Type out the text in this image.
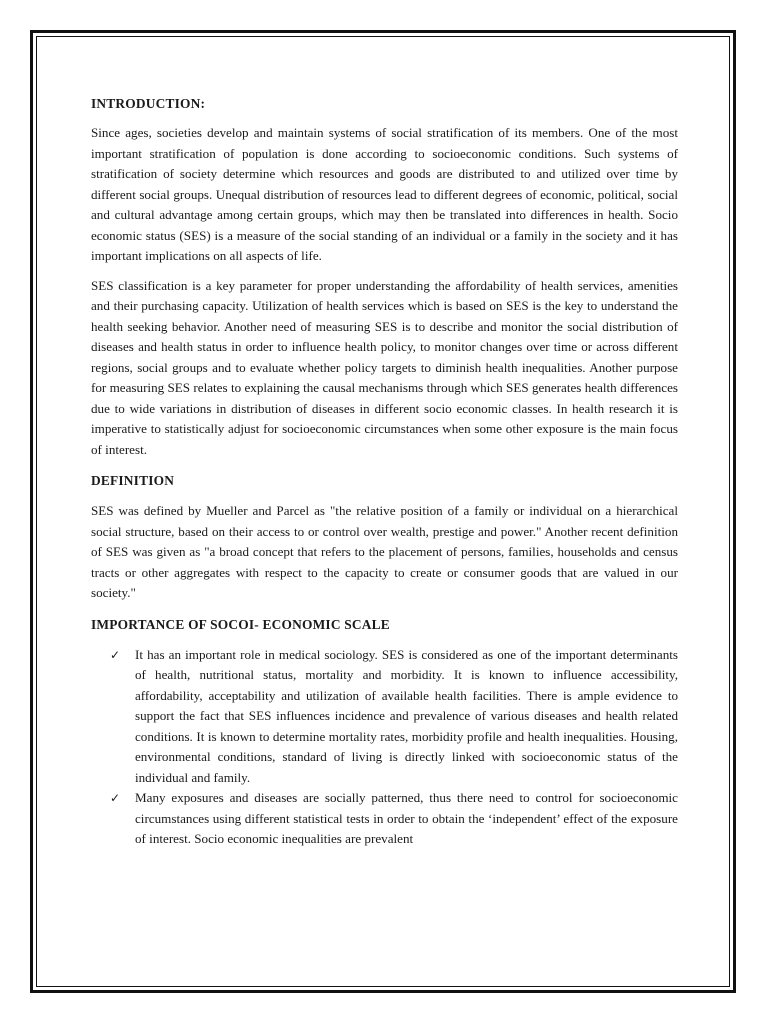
INTRODUCTION:

Since ages, societies develop and maintain systems of social stratification of its members. One of the most important stratification of population is done according to socioeconomic conditions. Such systems of stratification of society determine which resources and goods are distributed to and utilized over time by different social groups. Unequal distribution of resources lead to different degrees of economic, political, social and cultural advantage among certain groups, which may then be translated into differences in health. Socio economic status (SES) is a measure of the social standing of an individual or a family in the society and it has important implications on all aspects of life.

SES classification is a key parameter for proper understanding the affordability of health services, amenities and their purchasing capacity. Utilization of health services which is based on SES is the key to understand the health seeking behavior. Another need of measuring SES is to describe and monitor the social distribution of diseases and health status in order to influence health policy, to monitor changes over time or across different regions, social groups and to evaluate whether policy targets to diminish health inequalities. Another purpose for measuring SES relates to explaining the causal mechanisms through which SES generates health differences due to wide variations in distribution of diseases in different socio economic classes. In health research it is imperative to statistically adjust for socioeconomic circumstances when some other exposure is the main focus of interest.

DEFINITION

SES was defined by Mueller and Parcel as "the relative position of a family or individual on a hierarchical social structure, based on their access to or control over wealth, prestige and power." Another recent definition of SES was given as "a broad concept that refers to the placement of persons, families, households and census tracts or other aggregates with respect to the capacity to create or consumer goods that are valued in our society."

IMPORTANCE OF SOCOI- ECONOMIC SCALE
✓ It has an important role in medical sociology. SES is considered as one of the important determinants of health, nutritional status, mortality and morbidity. It is known to influence accessibility, affordability, acceptability and utilization of available health facilities. There is ample evidence to support the fact that SES influences incidence and prevalence of various diseases and health related conditions. It is known to determine mortality rates, morbidity profile and health inequalities. Housing, environmental conditions, standard of living is directly linked with socioeconomic status of the individual and family.
✓ Many exposures and diseases are socially patterned, thus there need to control for socioeconomic circumstances using different statistical tests in order to obtain the ‘independent’ effect of the exposure of interest. Socio economic inequalities are prevalent
